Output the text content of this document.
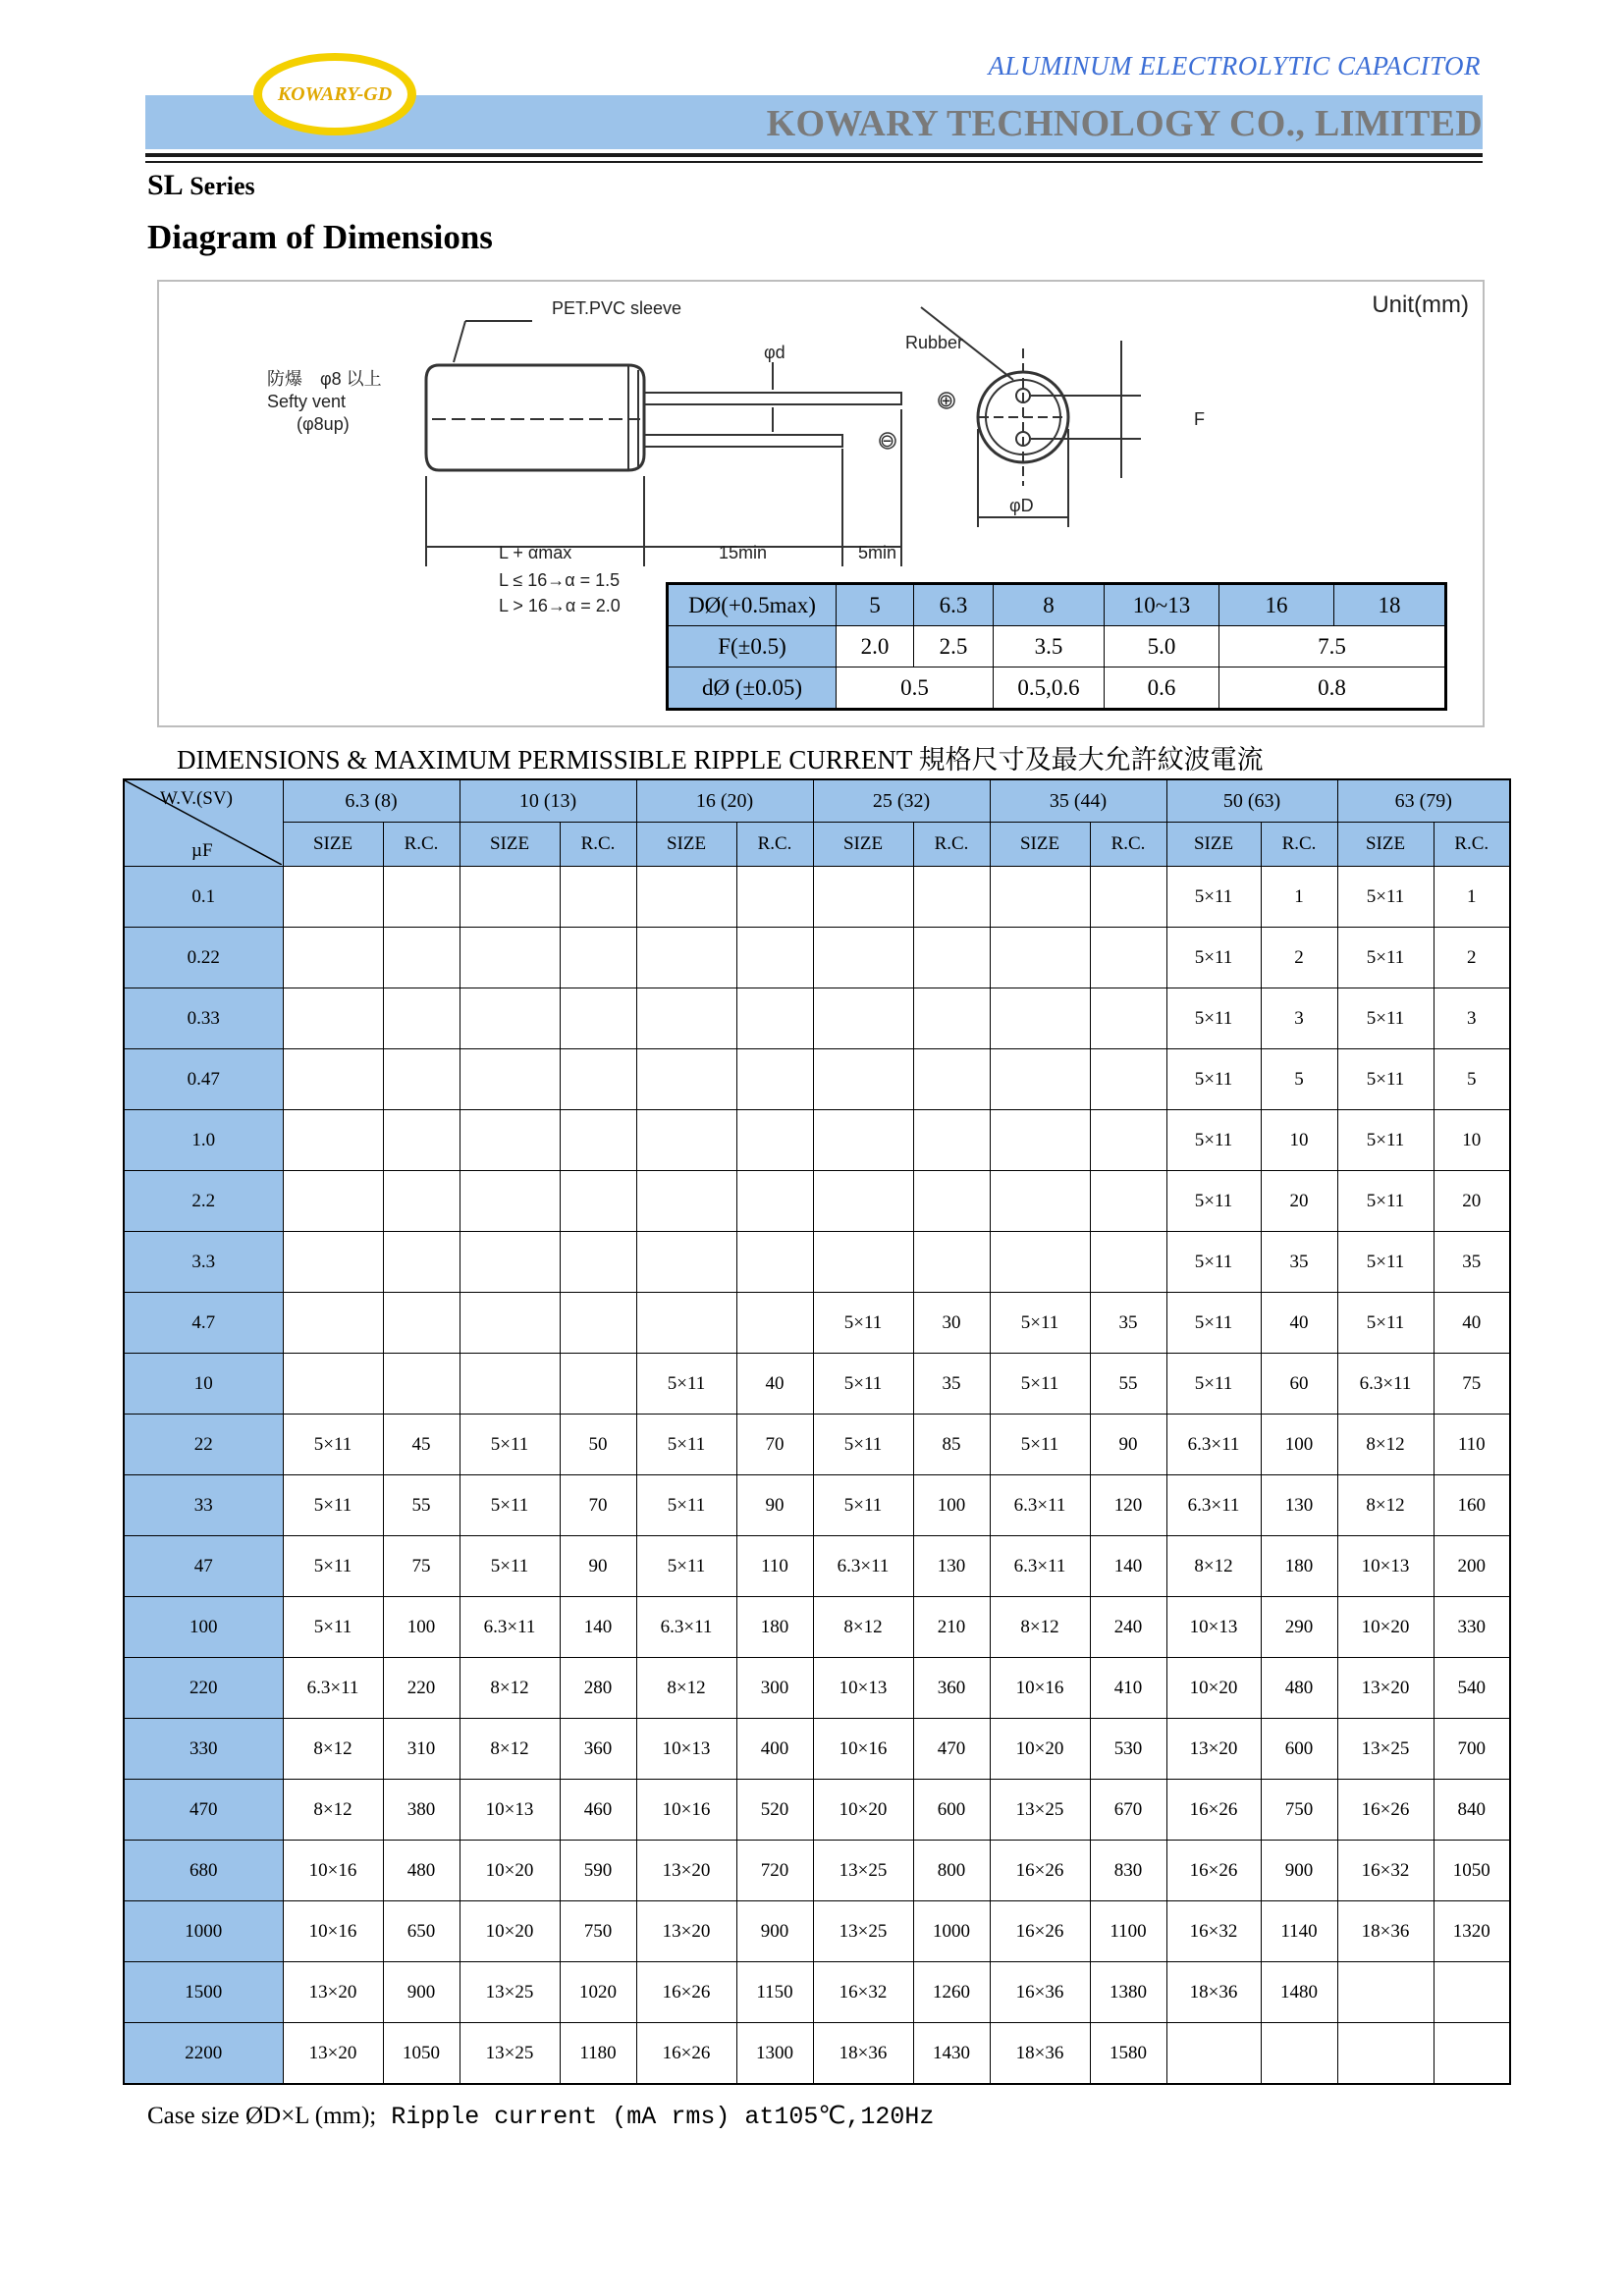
KOWARY-GD
ALUMINUM ELECTROLYTIC CAPACITOR
KOWARY TECHNOLOGY CO., LIMITED
SL Series
Diagram of Dimensions
Unit(mm)
PET.PVC sleeve
防爆　φ8 以上
Sefty vent
(φ8up)
φd	Rubber
F
φD
L + αmax	15min	5min
L ≤ 16→α = 1.5
L > 16→α = 2.0
⊕
⊖
DØ(+0.5max)	5	6.3	8	10~13	16	18
F(±0.5)	2.0	2.5	3.5	5.0	7.5	
dØ (±0.05)	0.5		0.5,0.6	0.6	0.8	
DIMENSIONS & MAXIMUM PERMISSIBLE RIPPLE CURRENT 規格尺寸及最大允許紋波電流
W.V.(SV)
µF	6.3 (8)		10 (13)		16 (20)		25 (32)		35 (44)		50 (63)		63 (79)	
	SIZE	R.C.	SIZE	R.C.	SIZE	R.C.	SIZE	R.C.	SIZE	R.C.	SIZE	R.C.	SIZE	R.C.
0.1											5×11	1	5×11	1
0.22											5×11	2	5×11	2
0.33											5×11	3	5×11	3
0.47											5×11	5	5×11	5
1.0											5×11	10	5×11	10
2.2											5×11	20	5×11	20
3.3											5×11	35	5×11	35
4.7							5×11	30	5×11	35	5×11	40	5×11	40
10					5×11	40	5×11	35	5×11	55	5×11	60	6.3×11	75
22	5×11	45	5×11	50	5×11	70	5×11	85	5×11	90	6.3×11	100	8×12	110
33	5×11	55	5×11	70	5×11	90	5×11	100	6.3×11	120	6.3×11	130	8×12	160
47	5×11	75	5×11	90	5×11	110	6.3×11	130	6.3×11	140	8×12	180	10×13	200
100	5×11	100	6.3×11	140	6.3×11	180	8×12	210	8×12	240	10×13	290	10×20	330
220	6.3×11	220	8×12	280	8×12	300	10×13	360	10×16	410	10×20	480	13×20	540
330	8×12	310	8×12	360	10×13	400	10×16	470	10×20	530	13×20	600	13×25	700
470	8×12	380	10×13	460	10×16	520	10×20	600	13×25	670	16×26	750	16×26	840
680	10×16	480	10×20	590	13×20	720	13×25	800	16×26	830	16×26	900	16×32	1050
1000	10×16	650	10×20	750	13×20	900	13×25	1000	16×26	1100	16×32	1140	18×36	1320
1500	13×20	900	13×25	1020	16×26	1150	16×32	1260	16×36	1380	18×36	1480		
2200	13×20	1050	13×25	1180	16×26	1300	18×36	1430	18×36	1580				
Case size ØD×L (mm); Ripple current (mA rms) at105℃,120Hz
